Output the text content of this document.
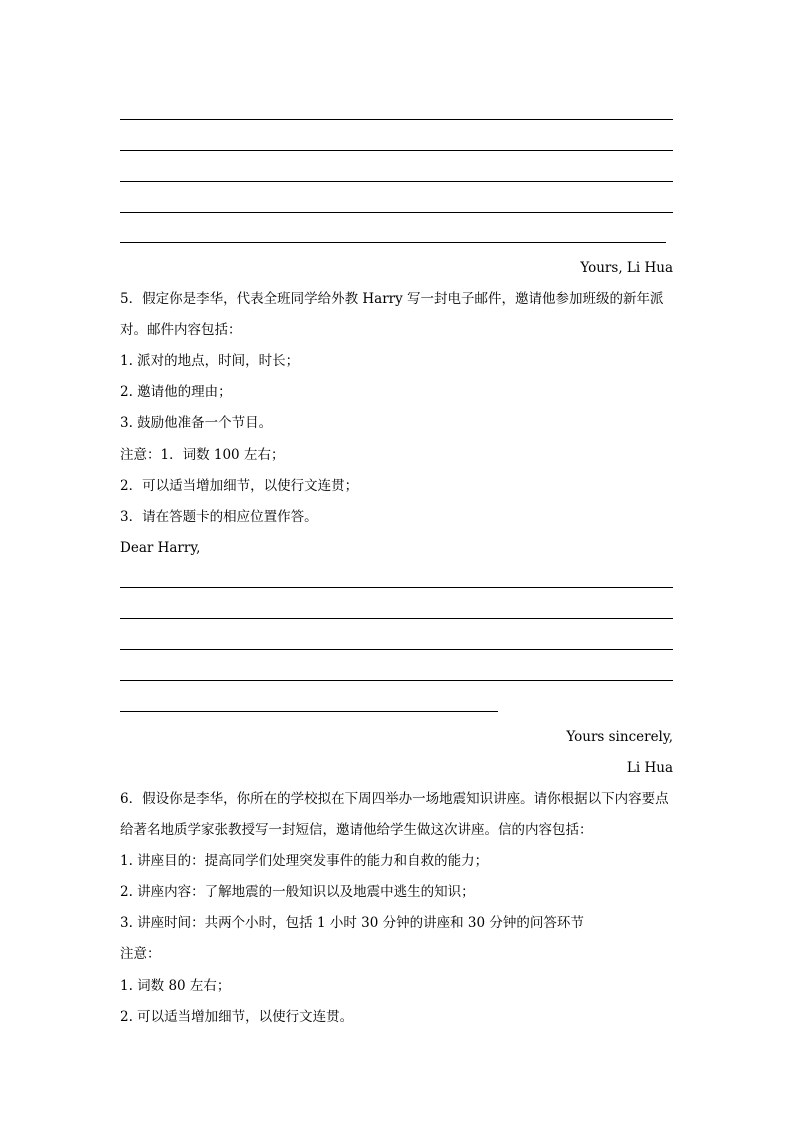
Yours, Li Hua
5．假定你是李华，代表全班同学给外教 Harry 写一封电子邮件，邀请他参加班级的新年派对。邮件内容包括：
1. 派对的地点，时间，时长；
2. 邀请他的理由；
3. 鼓励他准备一个节目。
注意：1．词数 100 左右；
2．可以适当增加细节，以使行文连贯；
3．请在答题卡的相应位置作答。
Dear Harry,
Yours sincerely,
Li Hua
6．假设你是李华，你所在的学校拟在下周四举办一场地震知识讲座。请你根据以下内容要点给著名地质学家张教授写一封短信，邀请他给学生做这次讲座。信的内容包括：
1. 讲座目的：提高同学们处理突发事件的能力和自救的能力；
2. 讲座内容：了解地震的一般知识以及地震中逃生的知识；
3. 讲座时间：共两个小时，包括 1 小时 30 分钟的讲座和 30 分钟的问答环节
注意：
1. 词数 80 左右；
2. 可以适当增加细节，以使行文连贯。
